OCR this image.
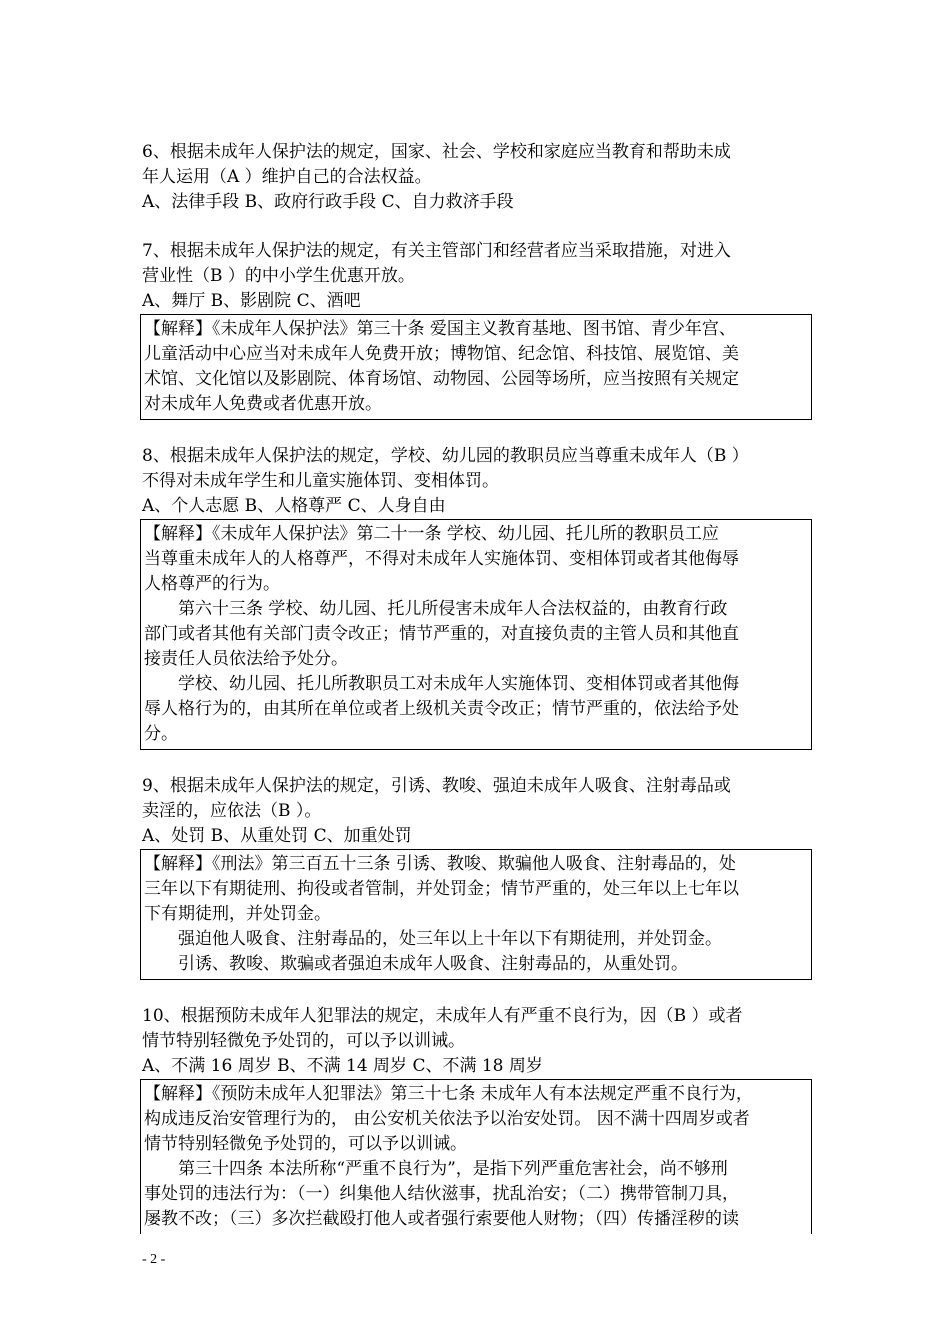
6、根据未成年人保护法的规定，国家、社会、学校和家庭应当教育和帮助未成
年人运用（A ）维护自己的合法权益。
A、法律手段 B、政府行政手段 C、自力救济手段
7、根据未成年人保护法的规定，有关主管部门和经营者应当采取措施，对进入
营业性（B ）的中小学生优惠开放。
A、舞厅 B、影剧院 C、酒吧
【解释】《未成年人保护法》第三十条 爱国主义教育基地、图书馆、青少年宫、
儿童活动中心应当对未成年人免费开放；博物馆、纪念馆、科技馆、展览馆、美
术馆、文化馆以及影剧院、体育场馆、动物园、公园等场所，应当按照有关规定
对未成年人免费或者优惠开放。
8、根据未成年人保护法的规定，学校、幼儿园的教职员应当尊重未成年人（B ）
不得对未成年学生和儿童实施体罚、变相体罚。
A、个人志愿 B、人格尊严 C、人身自由
【解释】《未成年人保护法》第二十一条 学校、幼儿园、托儿所的教职员工应
当尊重未成年人的人格尊严，不得对未成年人实施体罚、变相体罚或者其他侮辱
人格尊严的行为。
第六十三条 学校、幼儿园、托儿所侵害未成年人合法权益的，由教育行政
部门或者其他有关部门责令改正；情节严重的，对直接负责的主管人员和其他直
接责任人员依法给予处分。
学校、幼儿园、托儿所教职员工对未成年人实施体罚、变相体罚或者其他侮
辱人格行为的，由其所在单位或者上级机关责令改正；情节严重的，依法给予处
分。
9、根据未成年人保护法的规定，引诱、教唆、强迫未成年人吸食、注射毒品或
卖淫的，应依法（B ）。
A、处罚 B、从重处罚 C、加重处罚
【解释】《刑法》第三百五十三条 引诱、教唆、欺骗他人吸食、注射毒品的，处
三年以下有期徒刑、拘役或者管制，并处罚金；情节严重的，处三年以上七年以
下有期徒刑，并处罚金。
强迫他人吸食、注射毒品的，处三年以上十年以下有期徒刑，并处罚金。
引诱、教唆、欺骗或者强迫未成年人吸食、注射毒品的，从重处罚。
10、根据预防未成年人犯罪法的规定，未成年人有严重不良行为，因（B ）或者
情节特别轻微免予处罚的，可以予以训诫。
A、不满 16 周岁 B、不满 14 周岁 C、不满 18 周岁
【解释】《预防未成年人犯罪法》第三十七条 未成年人有本法规定严重不良行为，
构成违反治安管理行为的， 由公安机关依法予以治安处罚。 因不满十四周岁或者
情节特别轻微免予处罚的，可以予以训诫。
第三十四条 本法所称“严重不良行为”，是指下列严重危害社会，尚不够刑
事处罚的违法行为：（一）纠集他人结伙滋事，扰乱治安；（二）携带管制刀具，
屡教不改；（三）多次拦截殴打他人或者强行索要他人财物；（四）传播淫秽的读
- 2 -
